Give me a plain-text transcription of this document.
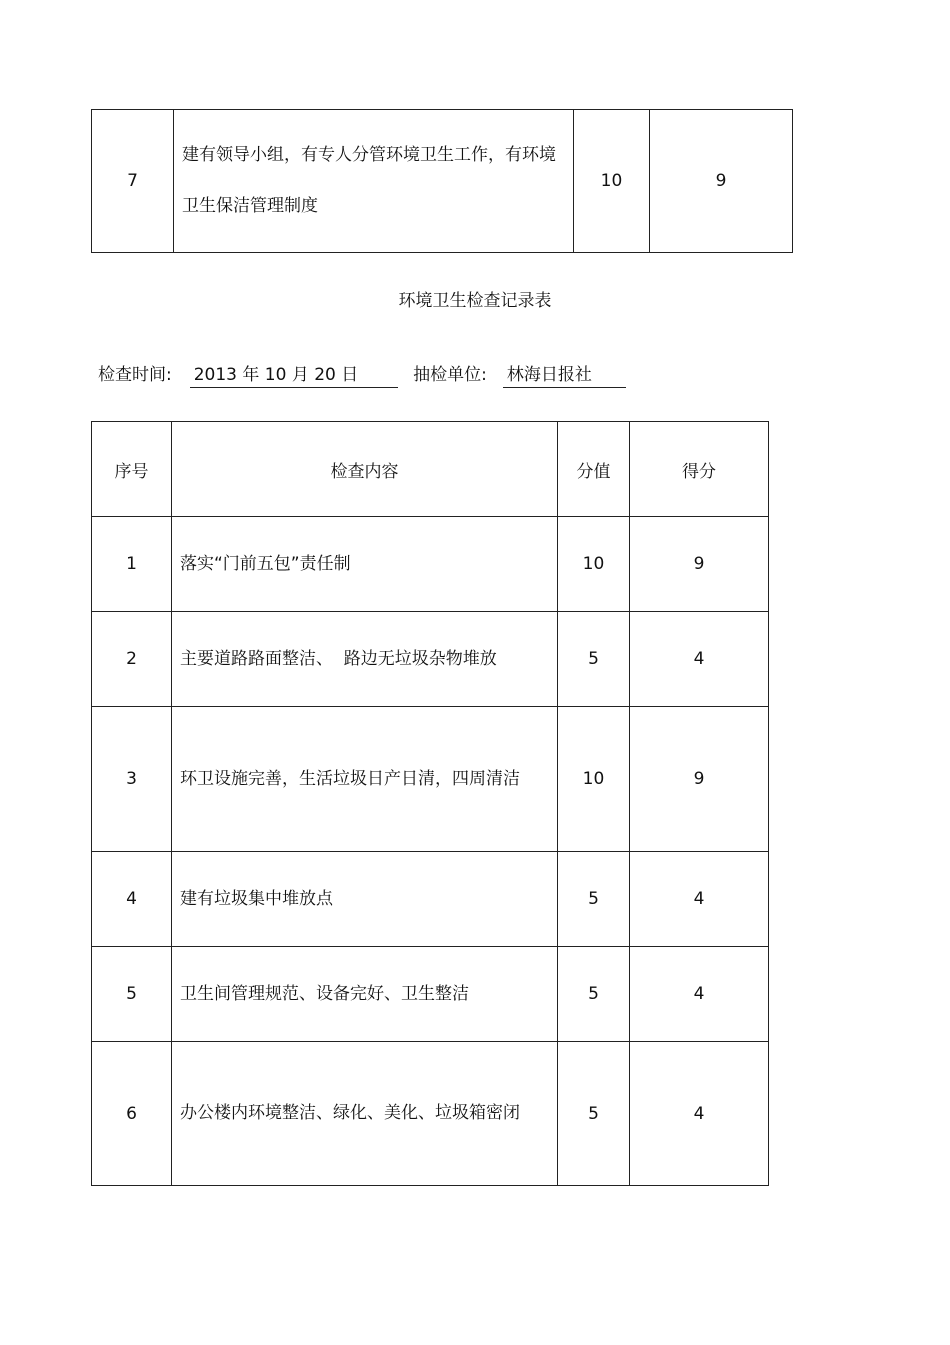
7	建有领导小组，有专人分管环境卫生工作，有环境卫生保洁管理制度	10	9
环境卫生检查记录表
检查时间: 2013 年 10 月 20 日	抽检单位: 林海日报社
序号	检查内容	分值	得分
1	落实“门前五包”责任制	10	9
2	主要道路路面整洁、  路边无垃圾杂物堆放	5	4
3	环卫设施完善，生活垃圾日产日清，四周清洁	10	9
4	建有垃圾集中堆放点	5	4
5	卫生间管理规范、设备完好、卫生整洁	5	4
6	办公楼内环境整洁、绿化、美化、垃圾箱密闭	5	4
